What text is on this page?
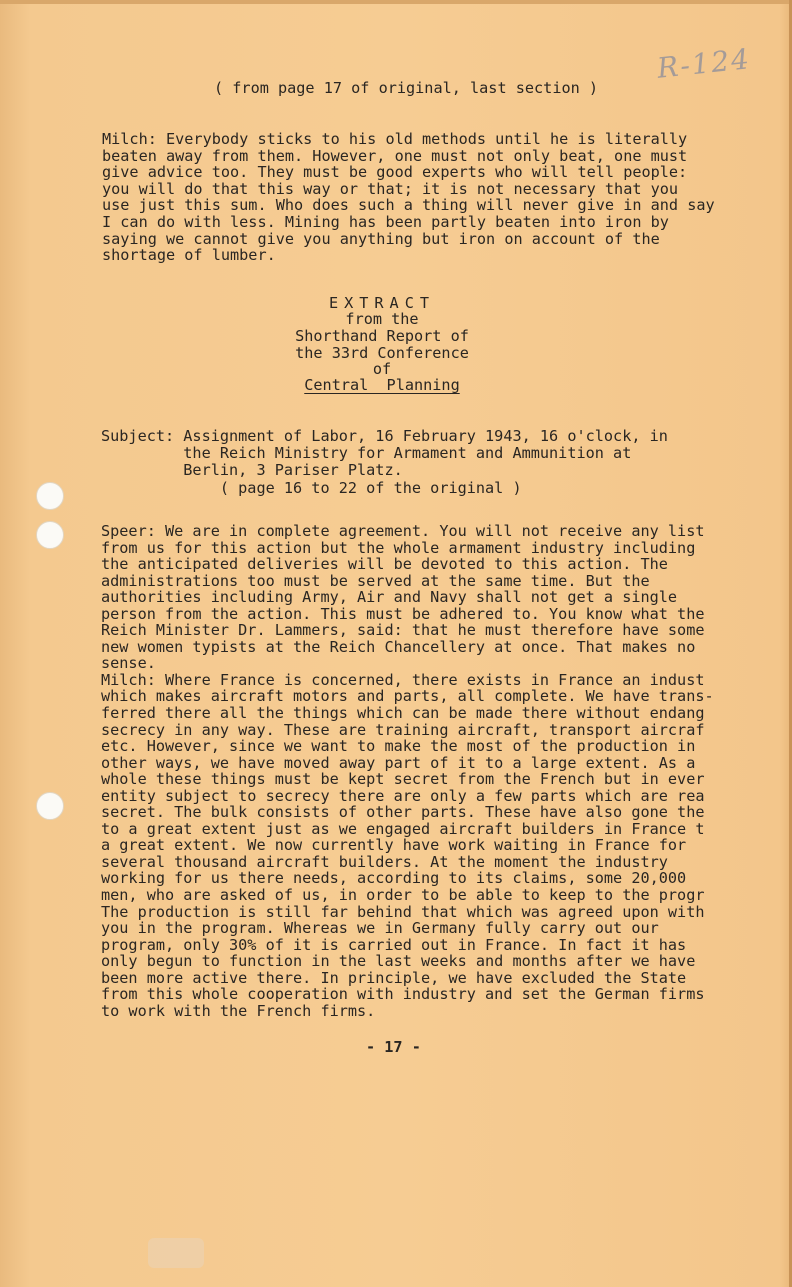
R-124
( from page 17 of original, last section )
Milch: Everybody sticks to his old methods until he is literally
beaten away from them. However, one must not only beat, one must
give advice too. They must be good experts who will tell people:
you will do that this way or that; it is not necessary that you
use just this sum. Who does such a thing will never give in and say
I can do with less. Mining has been partly beaten into iron by
saying we cannot give you anything but iron on account of the
shortage of lumber.
EXTRACT
from the
Shorthand Report of
the 33rd Conference
of
Central  Planning
Subject: Assignment of Labor, 16 February 1943, 16 o'clock, in
the Reich Ministry for Armament and Ammunition at
Berlin, 3 Pariser Platz.
( page 16 to 22 of the original )
Speer: We are in complete agreement. You will not receive any list
from us for this action but the whole armament industry including
the anticipated deliveries will be devoted to this action. The
administrations too must be served at the same time. But the
authorities including Army, Air and Navy shall not get a single
person from the action. This must be adhered to. You know what the
Reich Minister Dr. Lammers, said: that he must therefore have some
new women typists at the Reich Chancellery at once. That makes no
sense.
Milch: Where France is concerned, there exists in France an indust
which makes aircraft motors and parts, all complete. We have trans-
ferred there all the things which can be made there without endang
secrecy in any way. These are training aircraft, transport aircraf
etc. However, since we want to make the most of the production in
other ways, we have moved away part of it to a large extent. As a
whole these things must be kept secret from the French but in ever
entity subject to secrecy there are only a few parts which are rea
secret. The bulk consists of other parts. These have also gone the
to a great extent just as we engaged aircraft builders in France t
a great extent. We now currently have work waiting in France for
several thousand aircraft builders. At the moment the industry
working for us there needs, according to its claims, some 20,000
men, who are asked of us, in order to be able to keep to the progr
The production is still far behind that which was agreed upon with
you in the program. Whereas we in Germany fully carry out our
program, only 30% of it is carried out in France. In fact it has
only begun to function in the last weeks and months after we have
been more active there. In principle, we have excluded the State
from this whole cooperation with industry and set the German firms
to work with the French firms.
- 17 -
